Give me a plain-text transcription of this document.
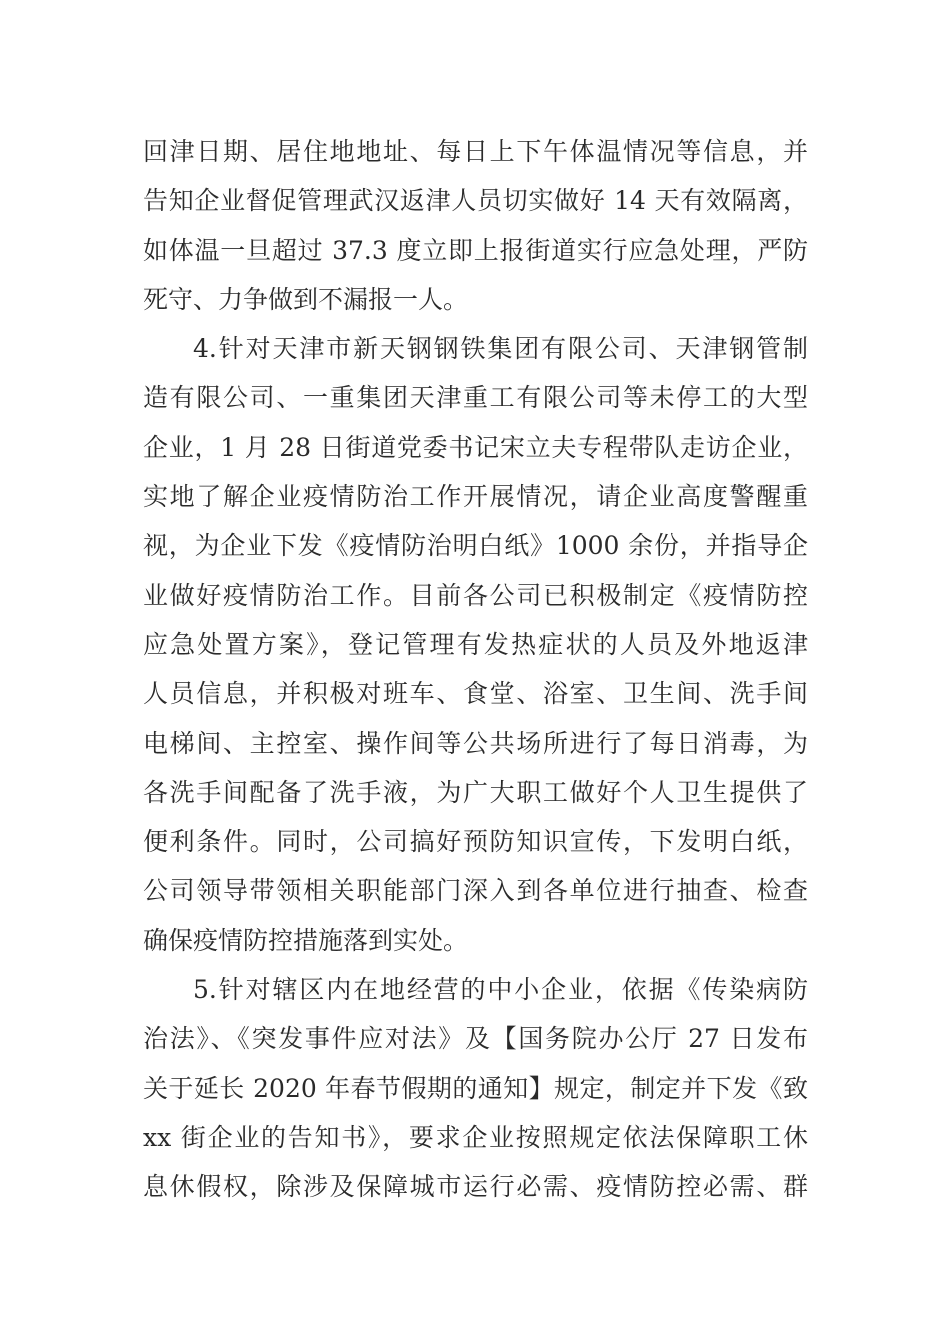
回津日期、居住地地址、每日上下午体温情况等信息，并
告知企业督促管理武汉返津人员切实做好 14 天有效隔离，
如体温一旦超过 37.3 度立即上报街道实行应急处理，严防
死守、力争做到不漏报一人。
4.针对天津市新天钢钢铁集团有限公司、天津钢管制
造有限公司、一重集团天津重工有限公司等未停工的大型
企业，1 月 28 日街道党委书记宋立夫专程带队走访企业，
实地了解企业疫情防治工作开展情况，请企业高度警醒重
视，为企业下发《疫情防治明白纸》1000 余份，并指导企
业做好疫情防治工作。目前各公司已积极制定《疫情防控
应急处置方案》，登记管理有发热症状的人员及外地返津
人员信息，并积极对班车、食堂、浴室、卫生间、洗手间
电梯间、主控室、操作间等公共场所进行了每日消毒，为
各洗手间配备了洗手液，为广大职工做好个人卫生提供了
便利条件。同时，公司搞好预防知识宣传，下发明白纸，
公司领导带领相关职能部门深入到各单位进行抽查、检查
确保疫情防控措施落到实处。
5.针对辖区内在地经营的中小企业，依据《传染病防
治法》、《突发事件应对法》及【国务院办公厅 27 日发布
关于延长 2020 年春节假期的通知】规定，制定并下发《致
xx 街企业的告知书》，要求企业按照规定依法保障职工休
息休假权，除涉及保障城市运行必需、疫情防控必需、群
